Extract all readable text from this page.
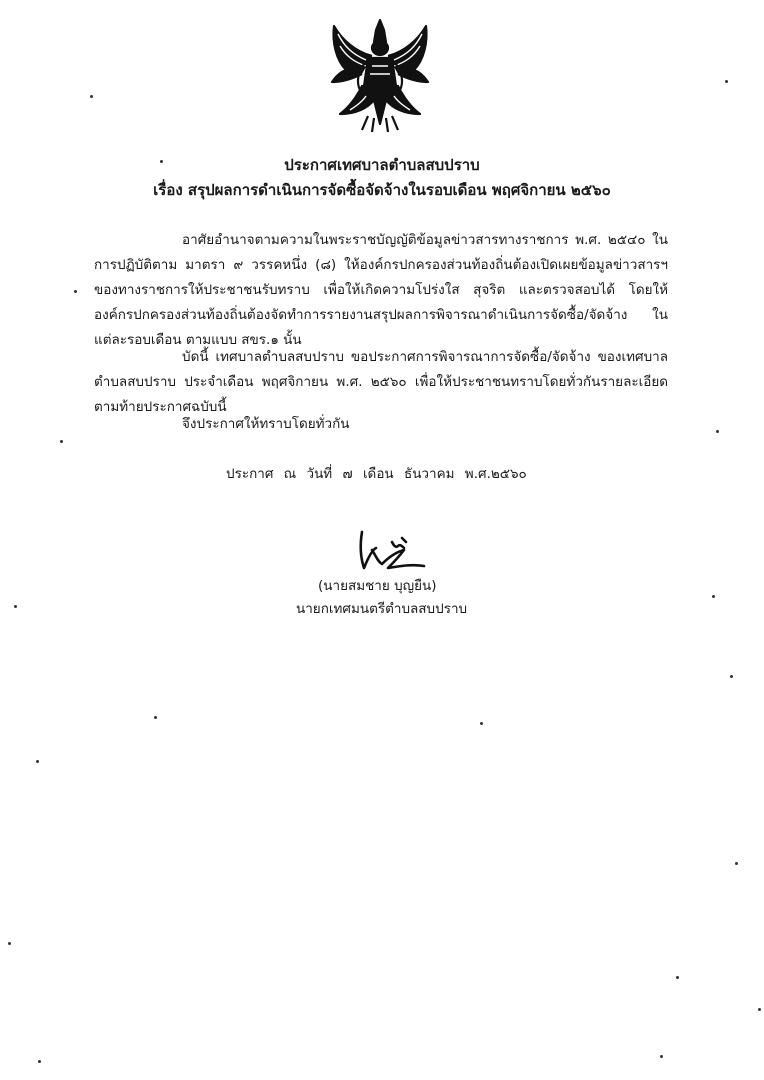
ประกาศเทศบาลตำบลสบปราบ
เรื่อง สรุปผลการดำเนินการจัดซื้อจัดจ้างในรอบเดือน พฤศจิกายน ๒๕๖๐
อาศัยอำนาจตามความในพระราชบัญญัติข้อมูลข่าวสารทางราชการ พ.ศ. ๒๕๔๐ ในการปฏิบัติตาม มาตรา ๙ วรรคหนึ่ง (๘) ให้องค์กรปกครองส่วนท้องถิ่นต้องเปิดเผยข้อมูลข่าวสารฯ ของทางราชการให้ประชาชนรับทราบ เพื่อให้เกิดความโปร่งใส สุจริต และตรวจสอบได้ โดยให้องค์กรปกครองส่วนท้องถิ่นต้องจัดทำการรายงานสรุปผลการพิจารณาดำเนินการจัดซื้อ/จัดจ้าง ในแต่ละรอบเดือน ตามแบบ สขร.๑ นั้น
บัดนี้ เทศบาลตำบลสบปราบ ขอประกาศการพิจารณาการจัดซื้อ/จัดจ้าง ของเทศบาลตำบลสบปราบ ประจำเดือน พฤศจิกายน พ.ศ. ๒๕๖๐ เพื่อให้ประชาชนทราบโดยทั่วกันรายละเอียดตามท้ายประกาศฉบับนี้
จึงประกาศให้ทราบโดยทั่วกัน
ประกาศ ณ วันที่ ๗ เดือน ธันวาคม พ.ศ.๒๕๖๐
(นายสมชาย บุญยืน)
นายกเทศมนตรีตำบลสบปราบ
